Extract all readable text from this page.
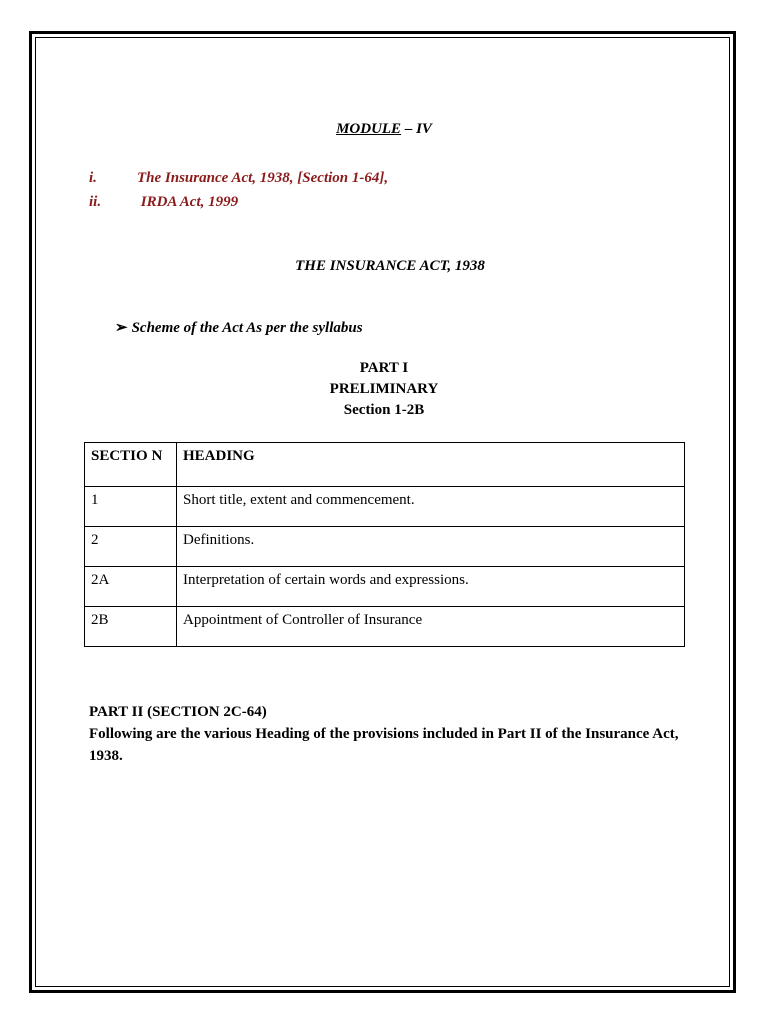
MODULE – IV
i.	The Insurance Act, 1938, [Section 1-64],
ii. IRDA Act, 1999
THE INSURANCE ACT, 1938
➢ Scheme of the Act As per the syllabus
PART I
PRELIMINARY
Section 1-2B
SECTIO N	HEADING
1	Short title, extent and commencement.
2	Definitions.
2A	Interpretation of certain words and expressions.
2B	Appointment of Controller of Insurance
PART II (SECTION 2C-64)
Following are the various Heading of the provisions included in Part II of the Insurance Act, 1938.
